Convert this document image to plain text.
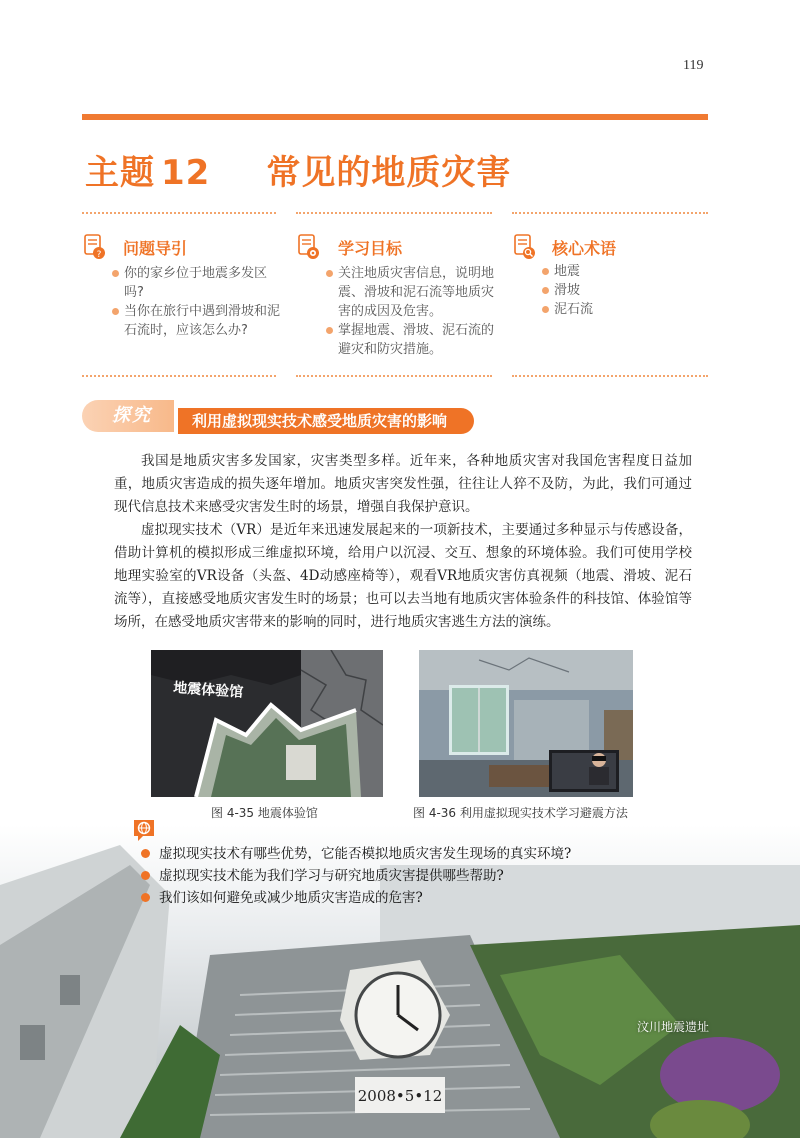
119
主题 12 常见的地质灾害
? 问题导引
你的家乡位于地震多发区吗?
当你在旅行中遇到滑坡和泥石流时，应该怎么办?
学习目标
关注地质灾害信息，说明地震、滑坡和泥石流等地质灾害的成因及危害。
掌握地震、滑坡、泥石流的避灾和防灾措施。
核心术语
地震
滑坡
泥石流
探究	利用虚拟现实技术感受地质灾害的影响

我国是地质灾害多发国家，灾害类型多样。近年来，各种地质灾害对我国危害程度日益加重，地质灾害造成的损失逐年增加。地质灾害突发性强，往往让人猝不及防，为此，我们可通过现代信息技术来感受灾害发生时的场景，增强自我保护意识。

虚拟现实技术（VR）是近年来迅速发展起来的一项新技术，主要通过多种显示与传感设备，借助计算机的模拟形成三维虚拟环境，给用户以沉浸、交互、想象的环境体验。我们可使用学校地理实验室的VR设备（头盔、4D动感座椅等），观看VR地质灾害仿真视频（地震、滑坡、泥石流等），直接感受地质灾害发生时的场景；也可以去当地有地质灾害体验条件的科技馆、体验馆等场所，在感受地质灾害带来的影响的同时，进行地质灾害逃生方法的演练。

地震体验馆
图 4-35 地震体验馆	图 4-36 利用虚拟现实技术学习避震方法
2008•5•12
汶川地震遗址
虚拟现实技术有哪些优势，它能否模拟地质灾害发生现场的真实环境?
虚拟现实技术能为我们学习与研究地质灾害提供哪些帮助?
我们该如何避免或减少地质灾害造成的危害?
